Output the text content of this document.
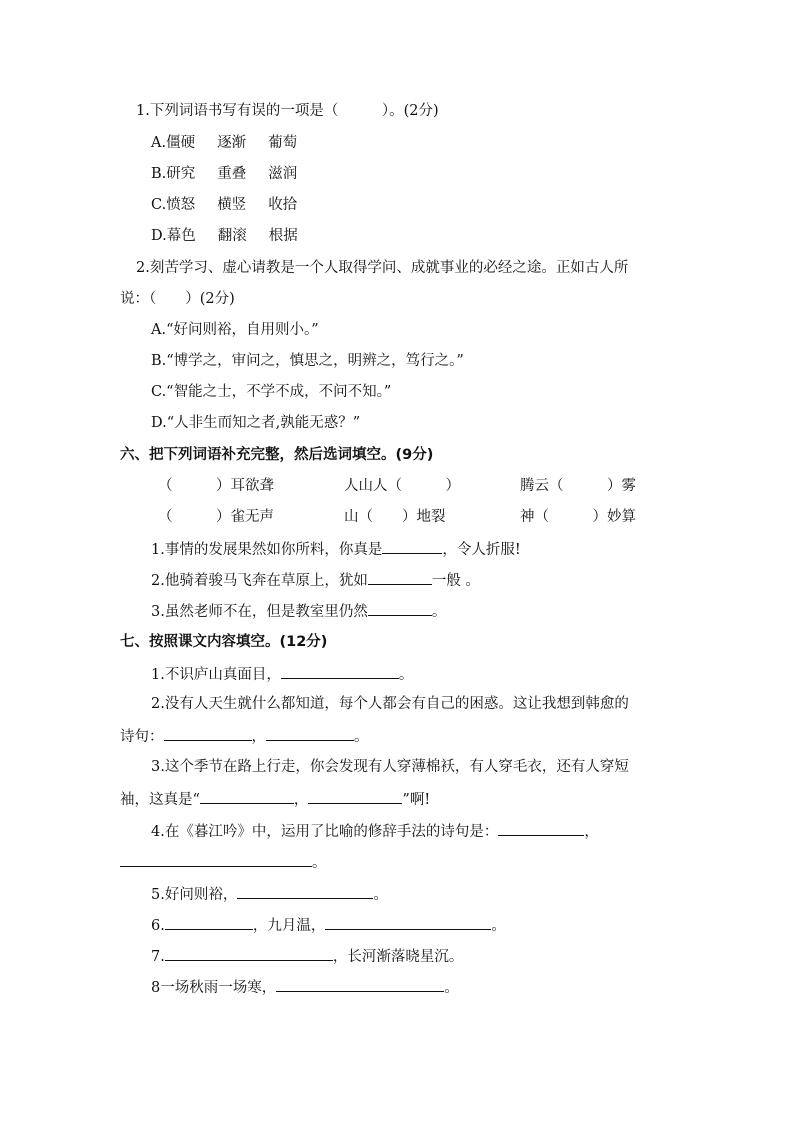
1.下列词语书写有误的一项是（　　　）。(2分)
A.僵硬 逐渐 葡萄
B.研究 重叠 滋润
C.愤怒 横竖 收拾
D.幕色 翻滚 根据
2.刻苦学习、虚心请教是一个人取得学问、成就事业的必经之途。正如古人所
说：（　　）(2分)
A.“好问则裕，自用则小。”
B.“博学之，审问之，慎思之，明辨之，笃行之。”
C.“智能之士，不学不成，不问不知。”
D.“人非生而知之者,孰能无惑？”
六、把下列词语补充完整，然后选词填空。(9分)
（　　　）耳欲聋	人山人（　　　）	腾云（　　　）雾
（　　　）雀无声	山（　　）地裂	神（　　　）妙算
1.事情的发展果然如你所料，你真是	，令人折服!
2.他骑着骏马飞奔在草原上，犹如	一般 。
3.虽然老师不在，但是教室里仍然	。
七、按照课文内容填空。(12分)
1.不识庐山真面目，	。
2.没有人天生就什么都知道，每个人都会有自己的困惑。这让我想到韩愈的
诗句：	，	。
3.这个季节在路上行走，你会发现有人穿薄棉袄，有人穿毛衣，还有人穿短
袖，这真是“	，	”啊!
4.在《暮江吟》中，运用了比喻的修辞手法的诗句是：	，
。
5.好问则裕，	。
6.	，九月温，	。
7.	，长河渐落晓星沉。
8一场秋雨一场寒，	。
